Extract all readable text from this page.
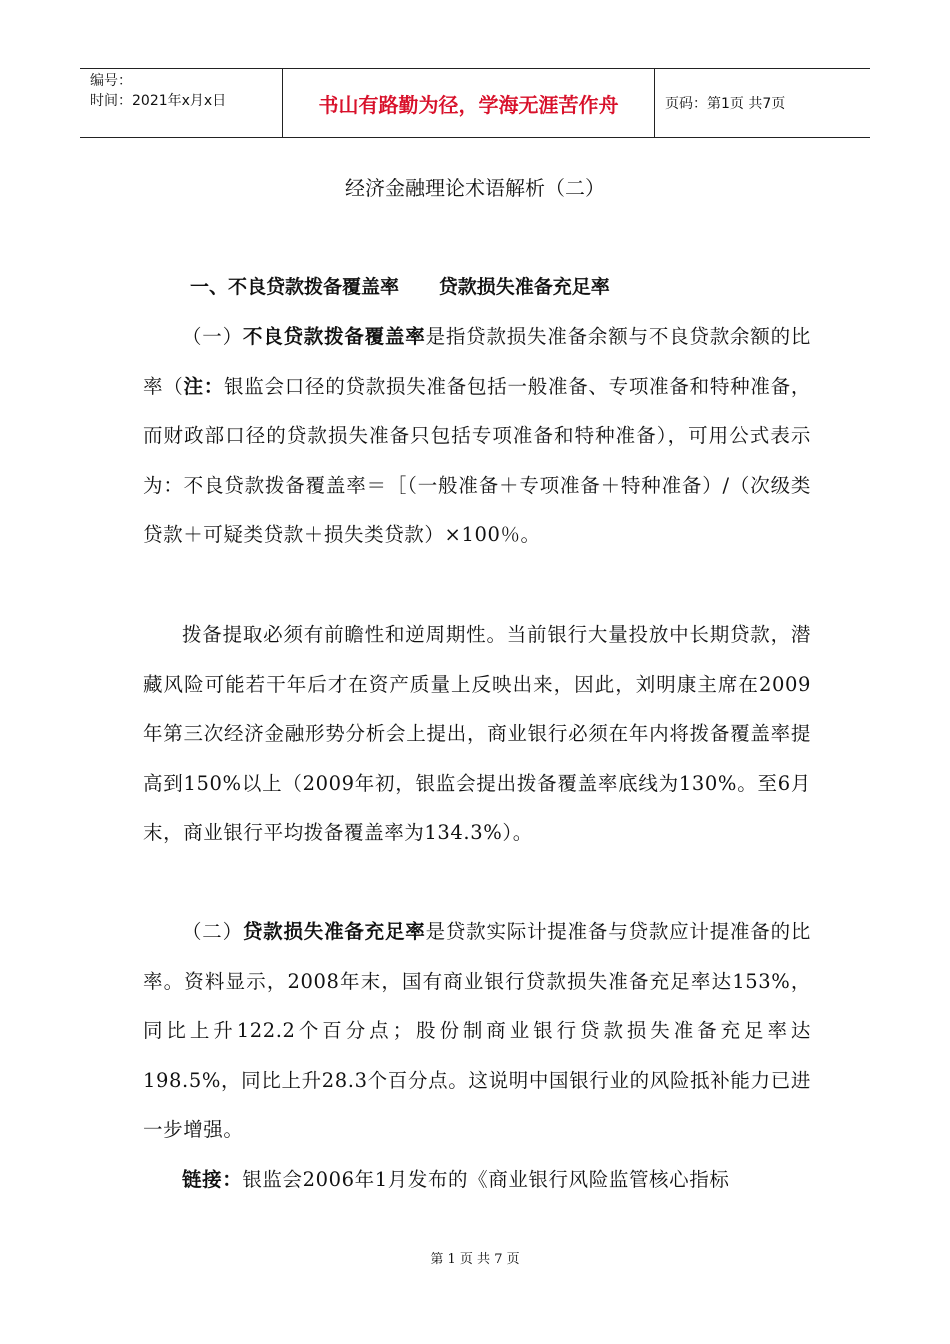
编号：
时间：2021年x月x日	书山有路勤为径，学海无涯苦作舟	页码：第1页 共7页
经济金融理论术语解析（二）
一、不良贷款拨备覆盖率      贷款损失准备充足率

（一）不良贷款拨备覆盖率是指贷款损失准备余额与不良贷款余额的比率（注：银监会口径的贷款损失准备包括一般准备、专项准备和特种准备，而财政部口径的贷款损失准备只包括专项准备和特种准备），可用公式表示为：不良贷款拨备覆盖率＝［（一般准备＋专项准备＋特种准备）/（次级类贷款＋可疑类贷款＋损失类贷款）×100％。

拨备提取必须有前瞻性和逆周期性。当前银行大量投放中长期贷款，潜藏风险可能若干年后才在资产质量上反映出来，因此，刘明康主席在2009年第三次经济金融形势分析会上提出，商业银行必须在年内将拨备覆盖率提高到150%以上（2009年初，银监会提出拨备覆盖率底线为130%。至6月末，商业银行平均拨备覆盖率为134.3%）。

（二）贷款损失准备充足率是贷款实际计提准备与贷款应计提准备的比率。资料显示，2008年末，国有商业银行贷款损失准备充足率达153%，同比上升122.2个百分点；股份制商业银行贷款损失准备充足率达198.5%，同比上升28.3个百分点。这说明中国银行业的风险抵补能力已进一步增强。

链接：银监会2006年1月发布的《商业银行风险监管核心指标

第 1 页 共 7 页
